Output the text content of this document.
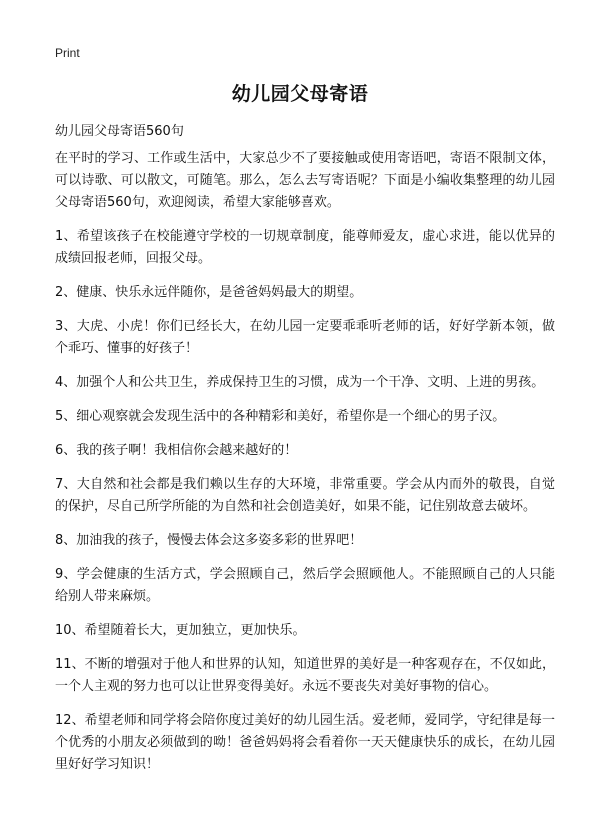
Print
幼儿园父母寄语

幼儿园父母寄语560句

在平时的学习、工作或生活中，大家总少不了要接触或使用寄语吧，寄语不限制文体，可以诗歌、可以散文，可随笔。那么，怎么去写寄语呢？下面是小编收集整理的幼儿园父母寄语560句，欢迎阅读，希望大家能够喜欢。

1、希望该孩子在校能遵守学校的一切规章制度，能尊师爱友，虚心求进，能以优异的成绩回报老师，回报父母。

2、健康、快乐永远伴随你，是爸爸妈妈最大的期望。

3、大虎、小虎！你们已经长大，在幼儿园一定要乖乖听老师的话，好好学新本领，做个乖巧、懂事的好孩子！

4、加强个人和公共卫生，养成保持卫生的习惯，成为一个干净、文明、上进的男孩。

5、细心观察就会发现生活中的各种精彩和美好，希望你是一个细心的男子汉。

6、我的孩子啊！我相信你会越来越好的！

7、大自然和社会都是我们赖以生存的大环境，非常重要。学会从内而外的敬畏，自觉的保护，尽自己所学所能的为自然和社会创造美好，如果不能，记住别故意去破坏。

8、加油我的孩子，慢慢去体会这多姿多彩的世界吧！

9、学会健康的生活方式，学会照顾自己，然后学会照顾他人。不能照顾自己的人只能给别人带来麻烦。

10、希望随着长大，更加独立，更加快乐。

11、不断的增强对于他人和世界的认知，知道世界的美好是一种客观存在，不仅如此，一个人主观的努力也可以让世界变得美好。永远不要丧失对美好事物的信心。

12、希望老师和同学将会陪你度过美好的幼儿园生活。爱老师，爱同学，守纪律是每一个优秀的小朋友必须做到的呦！爸爸妈妈将会看着你一天天健康快乐的成长，在幼儿园里好好学习知识！
